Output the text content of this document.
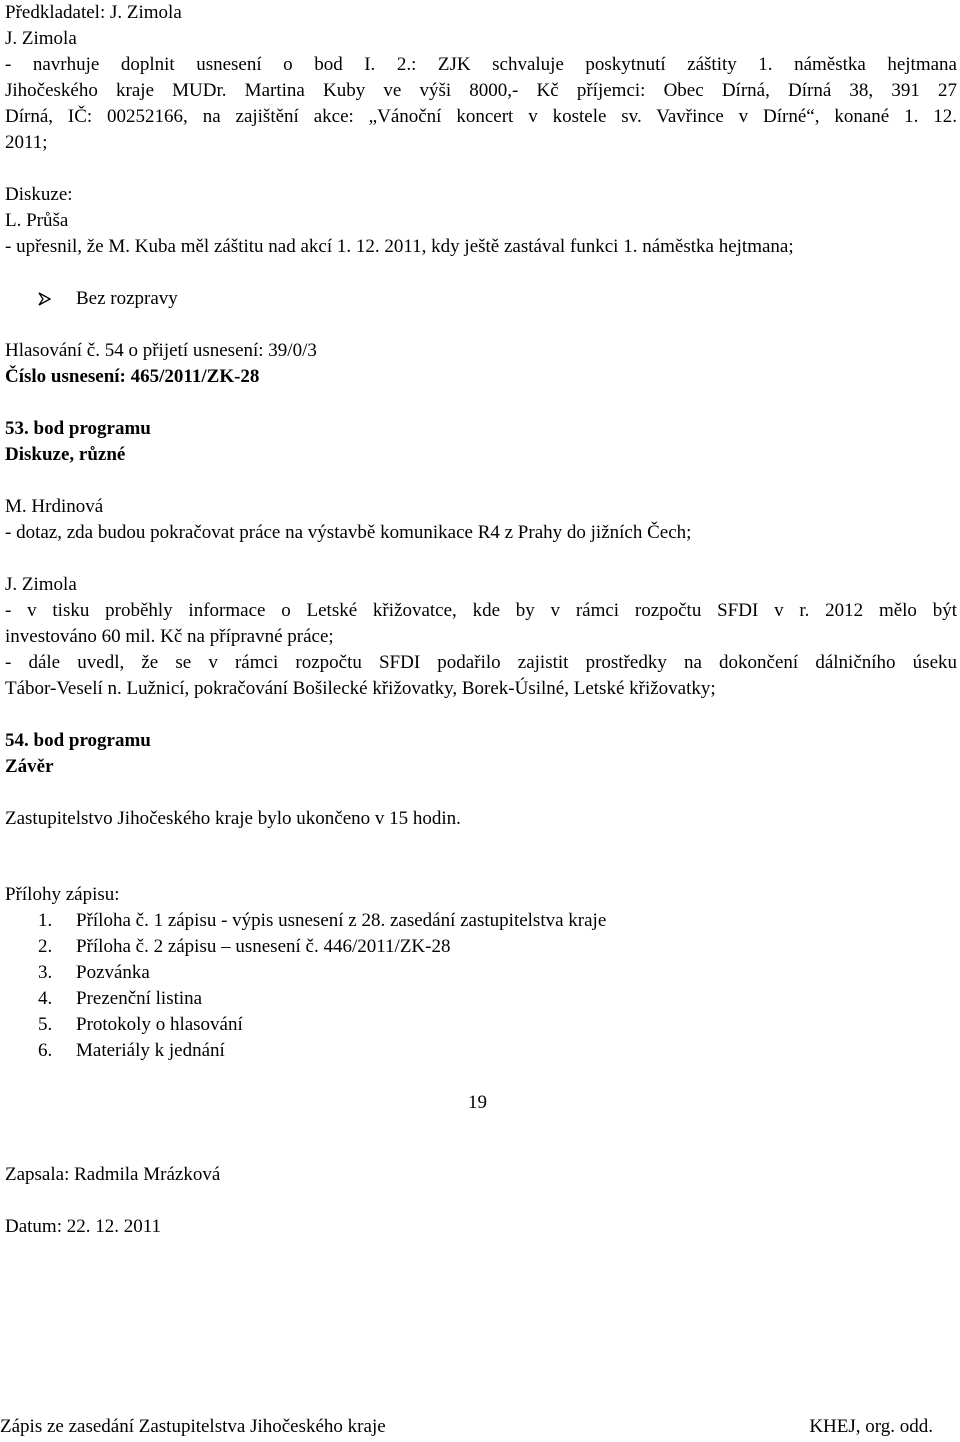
Předkladatel: J. Zimola
J. Zimola
- navrhuje doplnit usnesení o bod I. 2.: ZJK schvaluje poskytnutí záštity 1. náměstka hejtmana
Jihočeského kraje MUDr. Martina Kuby ve výši 8000,- Kč příjemci: Obec Dírná, Dírná 38, 391 27
Dírná, IČ: 00252166, na zajištění akce: „Vánoční koncert v kostele sv. Vavřince v Dírné“, konané 1. 12.
2011;
Diskuze:
L. Průša
- upřesnil, že M. Kuba měl záštitu nad akcí 1. 12. 2011, kdy ještě zastával funkci 1. náměstka hejtmana;
Bez rozpravy
Hlasování č. 54 o přijetí usnesení: 39/0/3
Číslo usnesení: 465/2011/ZK-28
53. bod programu
Diskuze, různé
M. Hrdinová
- dotaz, zda budou pokračovat práce na výstavbě komunikace R4 z Prahy do jižních Čech;
J. Zimola
- v tisku proběhly informace o Letské křižovatce, kde by v rámci rozpočtu SFDI v r. 2012 mělo být
investováno 60 mil. Kč na přípravné práce;
- dále uvedl, že se v rámci rozpočtu SFDI podařilo zajistit prostředky na dokončení dálničního úseku
Tábor-Veselí n. Lužnicí, pokračování Bošilecké křižovatky, Borek-Úsilné, Letské křižovatky;
54. bod programu
Závěr
Zastupitelstvo Jihočeského kraje bylo ukončeno v 15 hodin.
Přílohy zápisu:
1. Příloha č. 1 zápisu - výpis usnesení z 28. zasedání zastupitelstva kraje
2. Příloha č. 2 zápisu – usnesení č. 446/2011/ZK-28
3. Pozvánka
4. Prezenční listina
5. Protokoly o hlasování
6. Materiály k jednání
Zapsala: Radmila Mrázková
Datum: 22. 12. 2011
19
Zápis ze zasedání Zastupitelstva Jihočeského kraje	KHEJ, org. odd.
